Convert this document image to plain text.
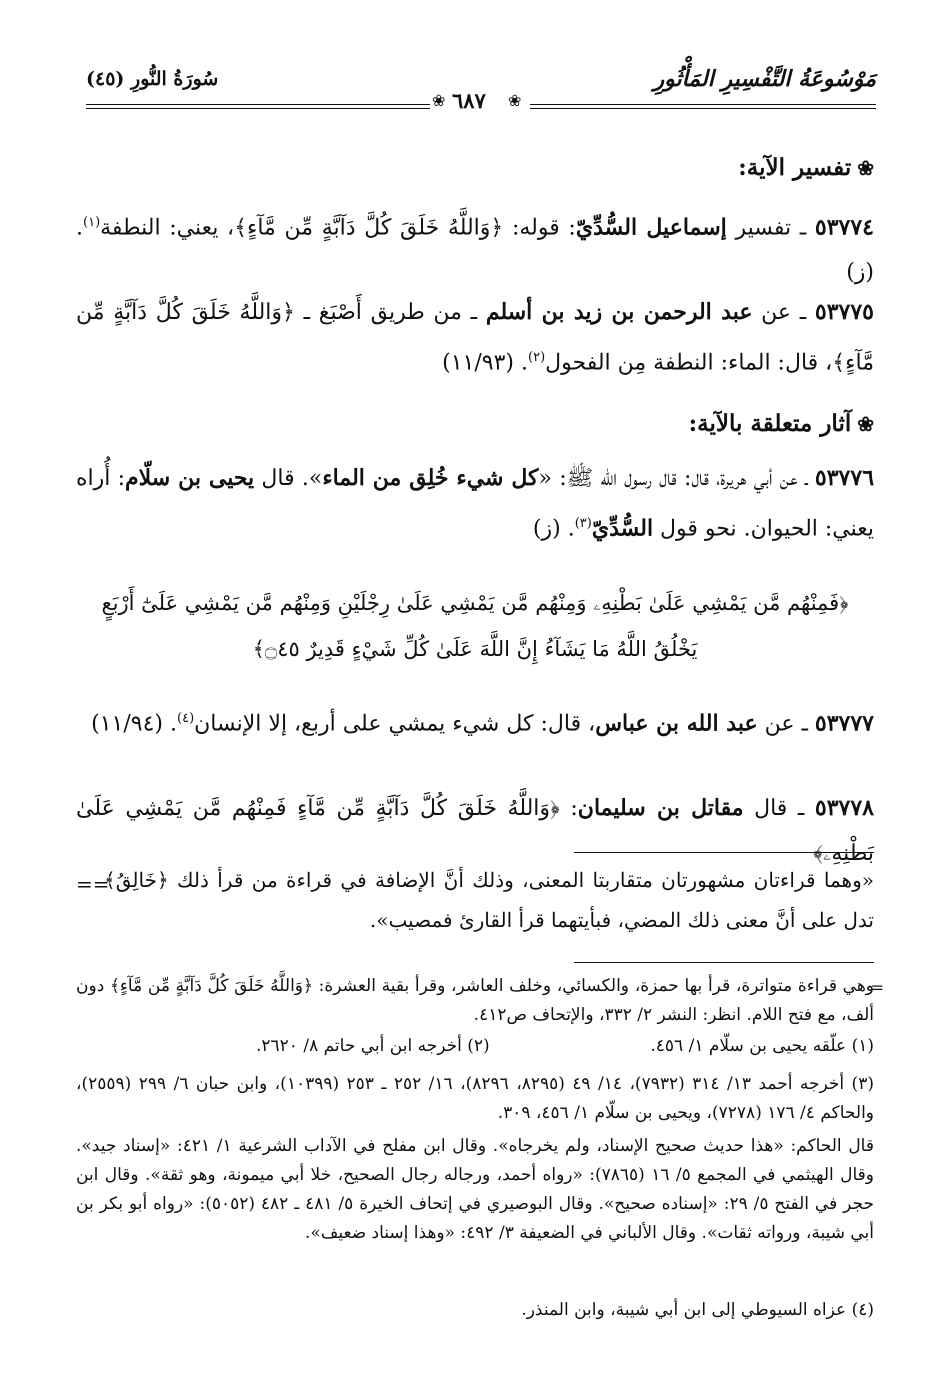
سُورَةُ النُّورِ (٤٥)	مَوْسُوعَةُ التَّفْسِيرِ المَأْثُورِ
❀ ٦٨٧ ❀
❀تفسير الآية:
٥٣٧٧٤ ـ تفسير إسماعيل السُّدِّيّ: قوله: ﴿وَاللَّهُ خَلَقَ كُلَّ دَآبَّةٍ مِّن مَّآءٍ﴾، يعني: النطفة$^{(١)}$. (ز)
٥٣٧٧٥ ـ عن عبد الرحمن بن زيد بن أسلم ـ من طريق أَصْبَغ ـ ﴿وَاللَّهُ خَلَقَ كُلَّ دَآبَّةٍ مِّن مَّآءٍ﴾، قال: الماء: النطفة مِن الفحول$^{(٢)}$. (١١/٩٣)
❀آثار متعلقة بالآية:
٥٣٧٧٦ ـ عن أبي هريرة، قال: قال رسول الله ﷺ: «كل شيء خُلِق من الماء». قال يحيى بن سلّام: أُراه يعني: الحيوان. نحو قول السُّدِّيّ$^{(٣)}$. (ز)
﴿فَمِنْهُم مَّن يَمْشِي عَلَىٰ بَطْنِهِۦ وَمِنْهُم مَّن يَمْشِي عَلَىٰ رِجْلَيْنِ وَمِنْهُم مَّن يَمْشِي عَلَىٰٓ أَرْبَعٍ
يَخْلُقُ اللَّهُ مَا يَشَآءُ إِنَّ اللَّهَ عَلَىٰ كُلِّ شَيْءٍ قَدِيرٌ ۝٤٥﴾
٥٣٧٧٧ ـ عن عبد الله بن عباس، قال: كل شيء يمشي على أربع، إلا الإنسان$^{(٤)}$. (١١/٩٤)
٥٣٧٧٨ ـ قال مقاتل بن سليمان: ﴿وَاللَّهُ خَلَقَ كُلَّ دَآبَّةٍ مِّن مَّآءٍ فَمِنْهُم مَّن يَمْشِي عَلَىٰ بَطْنِهِۦ﴾
==
«وهما قراءتان مشهورتان متقاربتا المعنى، وذلك أنَّ الإضافة في قراءة من قرأ ذلك ﴿خَالِقُ﴾ تدل على أنَّ معنى ذلك المضي، فبأيتهما قرأ القارئ فمصيب».
=
وهي قراءة متواترة، قرأ بها حمزة، والكسائي، وخلف العاشر، وقرأ بقية العشرة: ﴿وَاللَّهُ خَلَقَ كُلَّ دَآبَّةٍ مِّن مَّآءٍ﴾ دون ألف، مع فتح اللام. انظر: النشر ٢/ ٣٣٢، والإتحاف ص٤١٢.
(١) علّقه يحيى بن سلّام ١/ ٤٥٦.
(٢) أخرجه ابن أبي حاتم ٨/ ٢٦٢٠.
(٣) أخرجه أحمد ١٣/ ٣١٤ (٧٩٣٢)، ١٤/ ٤٩ (٨٢٩٥، ٨٢٩٦)، ١٦/ ٢٥٢ ـ ٢٥٣ (١٠٣٩٩)، وابن حبان ٦/ ٢٩٩ (٢٥٥٩)، والحاكم ٤/ ١٧٦ (٧٢٧٨)، ويحيى بن سلّام ١/ ٤٥٦، ٣٠٩.
قال الحاكم: «هذا حديث صحيح الإسناد، ولم يخرجاه». وقال ابن مفلح في الآداب الشرعية ١/ ٤٢١: «إسناد جيد». وقال الهيثمي في المجمع ٥/ ١٦ (٧٨٦٥): «رواه أحمد، ورجاله رجال الصحيح، خلا أبي ميمونة، وهو ثقة». وقال ابن حجر في الفتح ٥/ ٢٩: «إسناده صحيح». وقال البوصيري في إتحاف الخيرة ٥/ ٤٨١ ـ ٤٨٢ (٥٠٥٢): «رواه أبو بكر بن أبي شيبة، ورواته ثقات». وقال الألباني في الضعيفة ٣/ ٤٩٢: «وهذا إسناد ضعيف».
(٤) عزاه السيوطي إلى ابن أبي شيبة، وابن المنذر.
